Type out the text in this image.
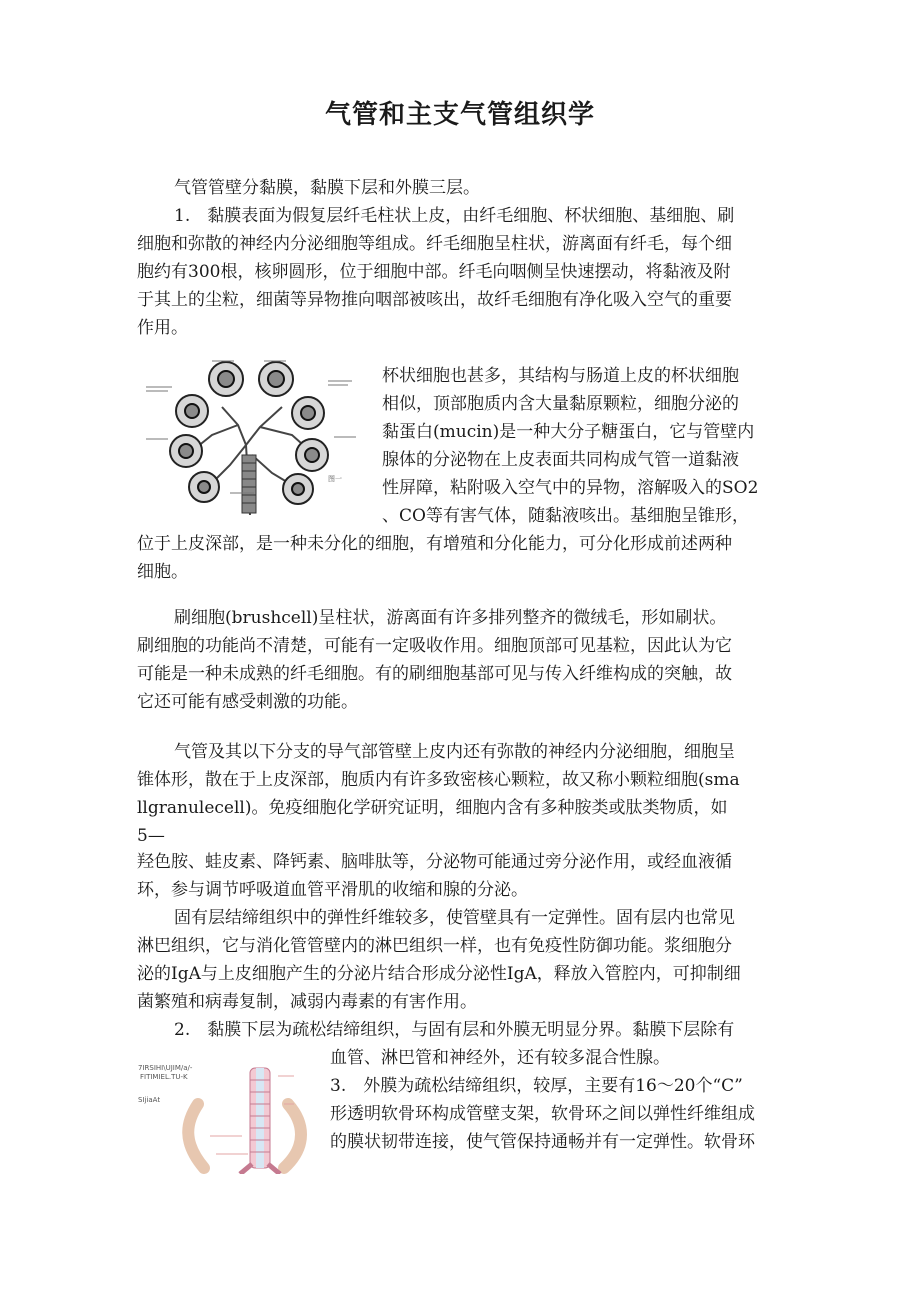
气管和主支气管组织学

气管管壁分黏膜，黏膜下层和外膜三层。

1.　黏膜表面为假复层纤毛柱状上皮，由纤毛细胞、杯状细胞、基细胞、刷

细胞和弥散的神经内分泌细胞等组成。纤毛细胞呈柱状，游离面有纤毛，每个细

胞约有300根，核卵圆形，位于细胞中部。纤毛向咽侧呈快速摆动，将黏液及附

于其上的尘粒，细菌等异物推向咽部被咳出，故纤毛细胞有净化吸入空气的重要

作用。

图一

杯状细胞也甚多，其结构与肠道上皮的杯状细胞

相似，顶部胞质内含大量黏原颗粒，细胞分泌的

黏蛋白(mucin)是一种大分子糖蛋白，它与管壁内

腺体的分泌物在上皮表面共同构成气管一道黏液

性屏障，粘附吸入空气中的异物，溶解吸入的SO2

、CO等有害气体，随黏液咳出。基细胞呈锥形，

位于上皮深部，是一种未分化的细胞，有增殖和分化能力，可分化形成前述两种

细胞。

刷细胞(brushcell)呈柱状，游离面有许多排列整齐的微绒毛，形如刷状。

刷细胞的功能尚不清楚，可能有一定吸收作用。细胞顶部可见基粒，因此认为它

可能是一种未成熟的纤毛细胞。有的刷细胞基部可见与传入纤维构成的突触，故

它还可能有感受刺激的功能。

气管及其以下分支的导气部管壁上皮内还有弥散的神经内分泌细胞，细胞呈

锥体形，散在于上皮深部，胞质内有许多致密核心颗粒，故又称小颗粒细胞(sma

llgranulecell)。免疫细胞化学研究证明，细胞内含有多种胺类或肽类物质，如

5—

羟色胺、蛙皮素、降钙素、脑啡肽等，分泌物可能通过旁分泌作用，或经血液循

环，参与调节呼吸道血管平滑肌的收缩和腺的分泌。

固有层结缔组织中的弹性纤维较多，使管壁具有一定弹性。固有层内也常见

淋巴组织，它与消化管管壁内的淋巴组织一样，也有免疫性防御功能。浆细胞分

泌的IgA与上皮细胞产生的分泌片结合形成分泌性IgA，释放入管腔内，可抑制细

菌繁殖和病毒复制，减弱内毒素的有害作用。

2.　黏膜下层为疏松结缔组织，与固有层和外膜无明显分界。黏膜下层除有

血管、淋巴管和神经外，还有较多混合性腺。

7IRSIHI\UJIM/a/-
FITIMIEL.TU-K
SIjiaAt

3.　外膜为疏松结缔组织，较厚，主要有16～20个“C”

形透明软骨环构成管壁支架，软骨环之间以弹性纤维组成

的膜状韧带连接，使气管保持通畅并有一定弹性。软骨环
